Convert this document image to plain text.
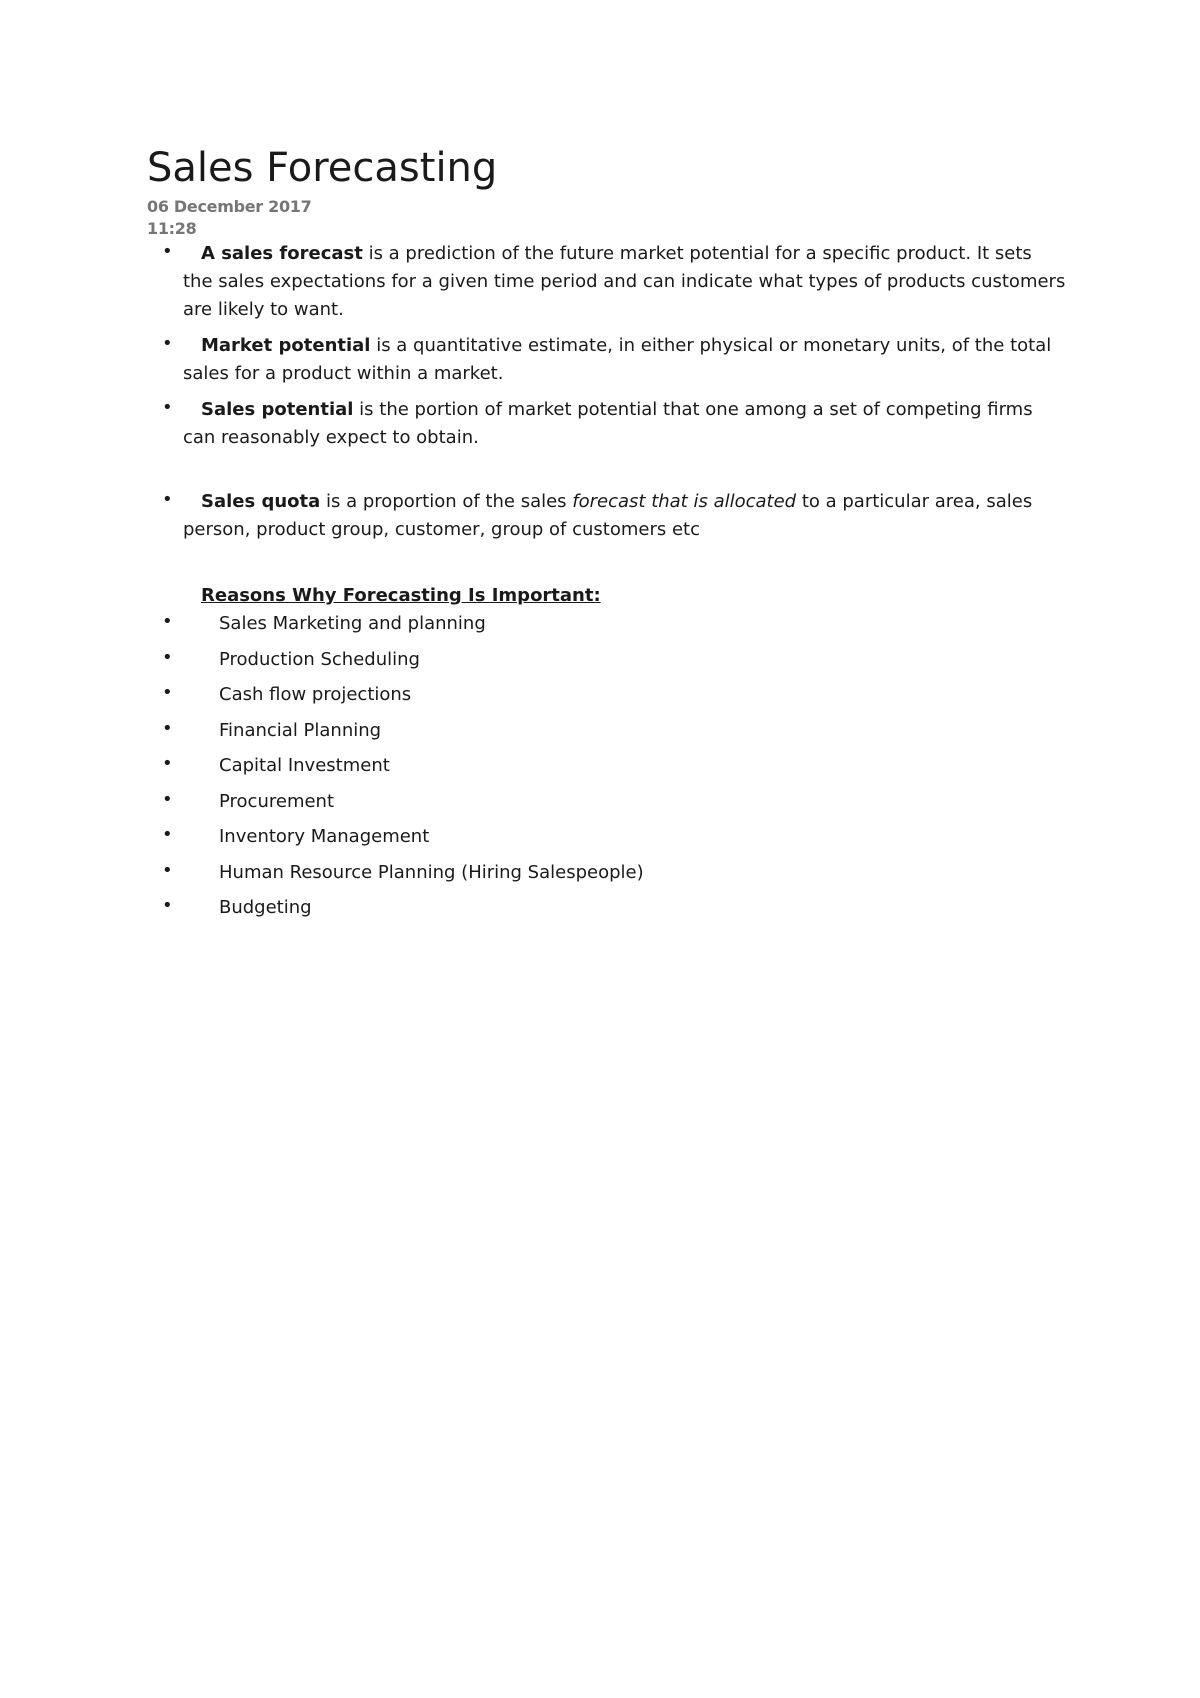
Sales Forecasting
06 December 2017
11:28
•	A sales forecast is a prediction of the future market potential for a specific product. It sets the sales expectations for a given time period and can indicate what types of products customers are likely to want.
•	Market potential is a quantitative estimate, in either physical or monetary units, of the total sales for a product within a market.
•	Sales potential is the portion of market potential that one among a set of competing firms can reasonably expect to obtain.
•	Sales quota is a proportion of the sales forecast that is allocated to a particular area, sales person, product group, customer, group of customers etc
Reasons Why Forecasting Is Important:
•	Sales Marketing and planning
•	Production Scheduling
•	Cash flow projections
•	Financial Planning
•	Capital Investment
•	Procurement
•	Inventory Management
•	Human Resource Planning (Hiring Salespeople)
•	Budgeting
